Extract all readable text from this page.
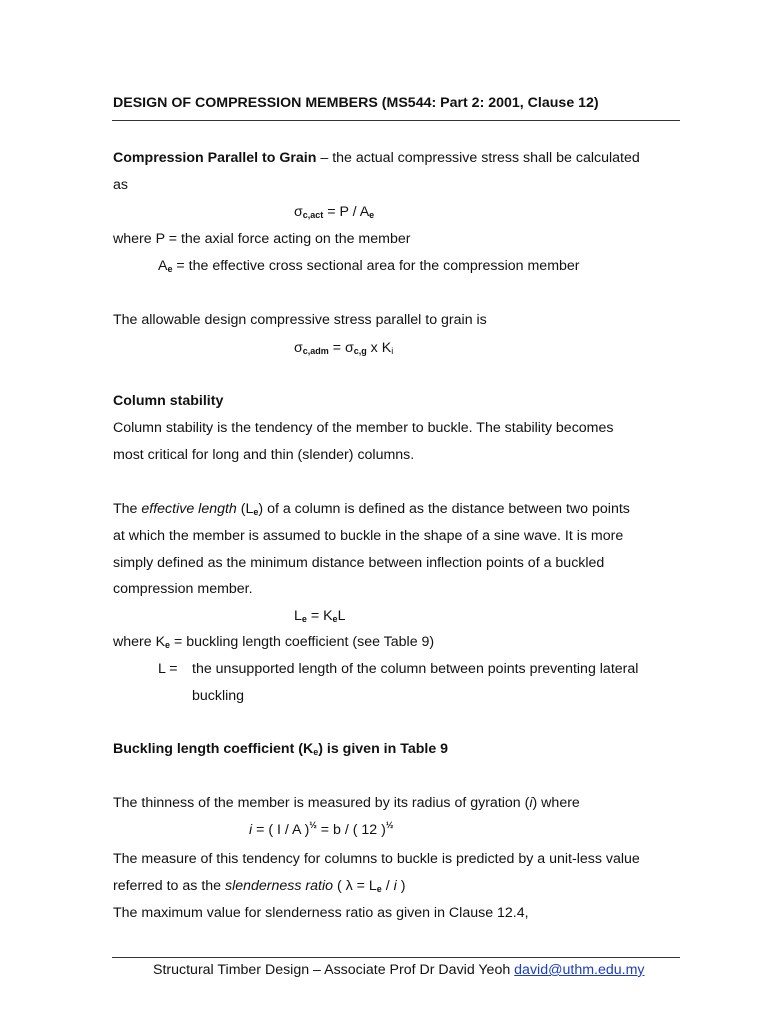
DESIGN OF COMPRESSION MEMBERS (MS544: Part 2: 2001, Clause 12)
Compression Parallel to Grain – the actual compressive stress shall be calculated
as
$\sigma_{c,act} = P / A_e$
where P = the axial force acting on the member
$A_e$ = the effective cross sectional area for the compression member
The allowable design compressive stress parallel to grain is
$\sigma_{c,adm} = \sigma_{c,g}$ x $K_i$
Column stability
Column stability is the tendency of the member to buckle. The stability becomes
most critical for long and thin (slender) columns.
The effective length $(L_e)$ of a column is defined as the distance between two points
at which the member is assumed to buckle in the shape of a sine wave. It is more
simply defined as the minimum distance between inflection points of a buckled
compression member.
$L_e = K_eL$
where $K_e$ = buckling length coefficient (see Table 9)
L = the unsupported length of the column between points preventing lateral
buckling
Buckling length coefficient $(K_e)$ is given in Table 9
The thinness of the member is measured by its radius of gyration (i) where
i = ( I / A )$^{\frac{1}{2}}$ = b / ( 12 )$^{\frac{1}{2}}$
The measure of this tendency for columns to buckle is predicted by a unit-less value
referred to as the slenderness ratio ( $\lambda = L_e / i$ )
The maximum value for slenderness ratio as given in Clause 12.4,
Structural Timber Design – Associate Prof Dr David Yeoh david@uthm.edu.my
